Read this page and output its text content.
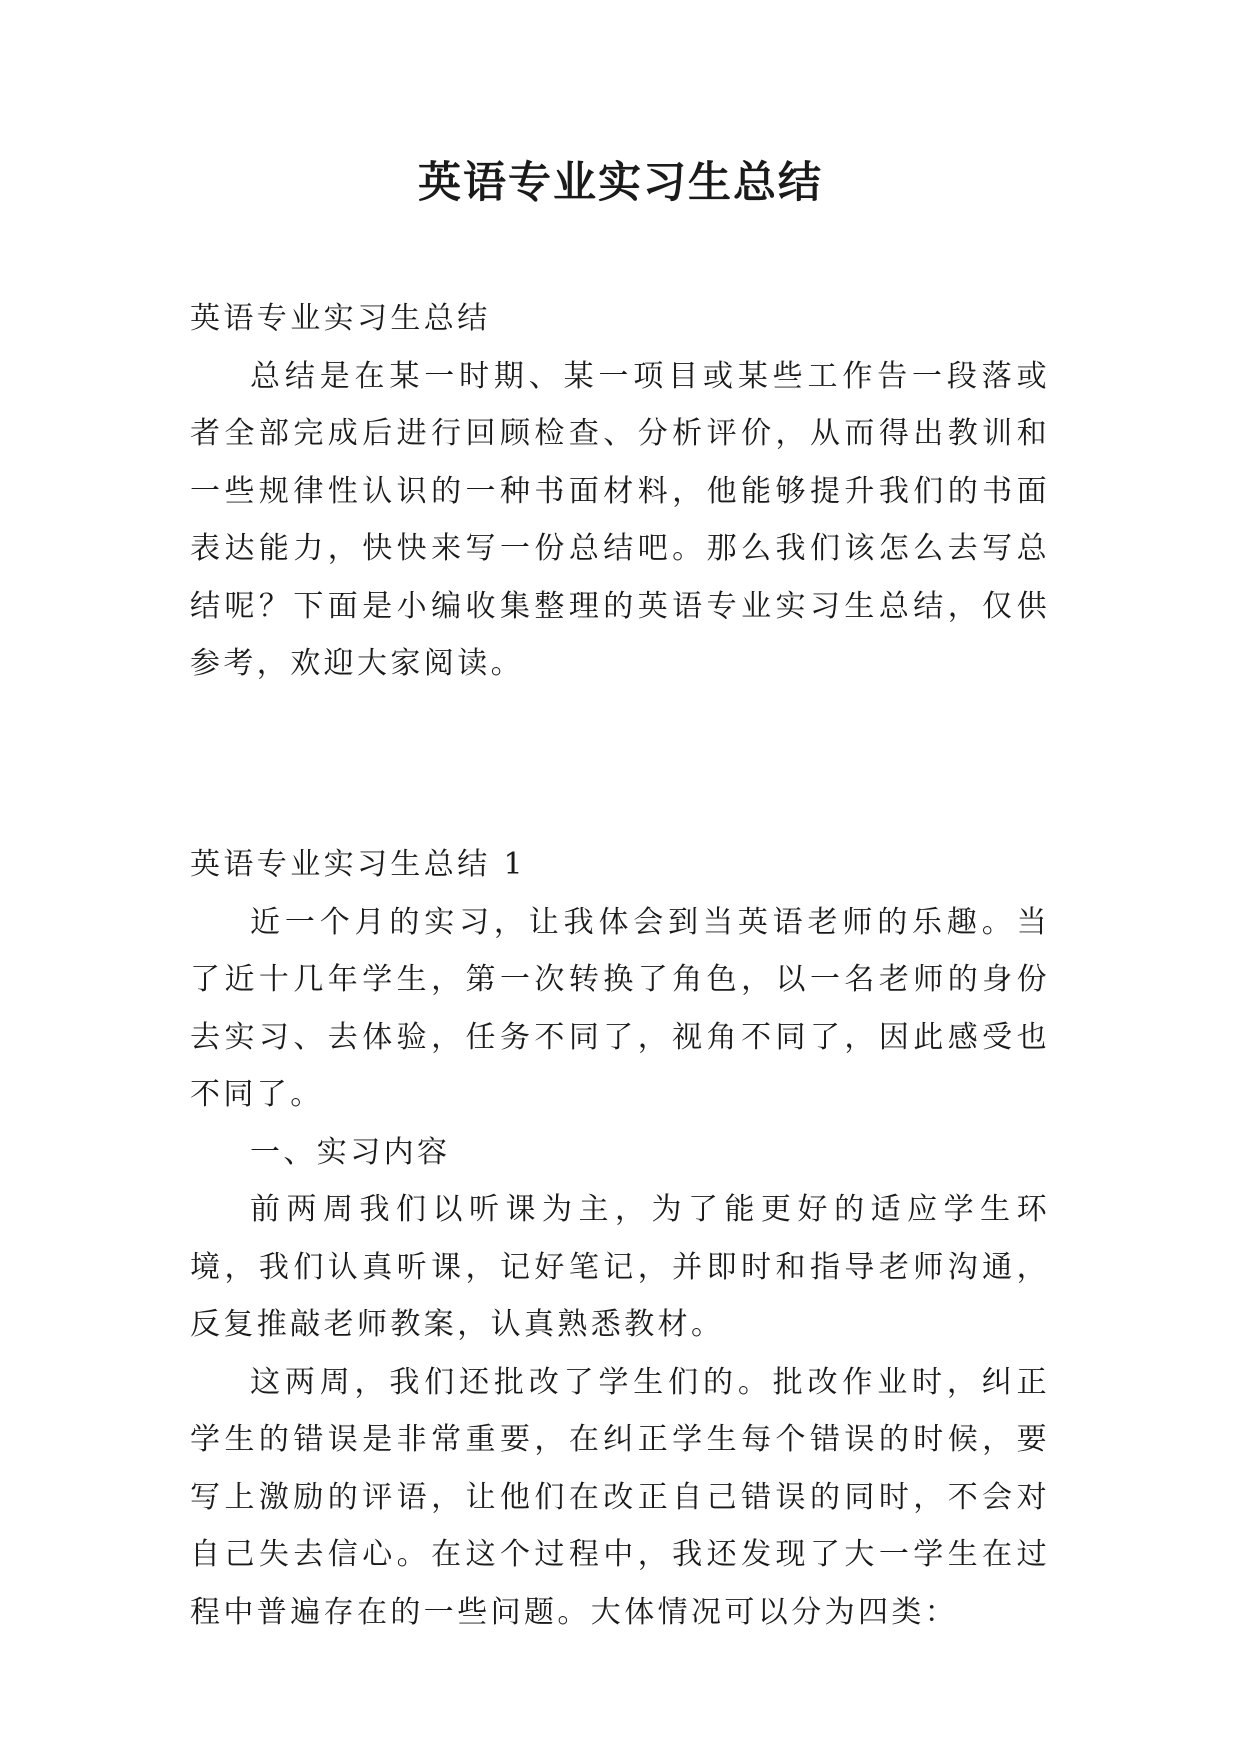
英语专业实习生总结

英语专业实习生总结

总结是在某一时期、某一项目或某些工作告一段落或者全部完成后进行回顾检查、分析评价，从而得出教训和一些规律性认识的一种书面材料，他能够提升我们的书面表达能力，快快来写一份总结吧。那么我们该怎么去写总结呢？下面是小编收集整理的英语专业实习生总结，仅供参考，欢迎大家阅读。

英语专业实习生总结 1

近一个月的实习，让我体会到当英语老师的乐趣。当了近十几年学生，第一次转换了角色，以一名老师的身份去实习、去体验，任务不同了，视角不同了，因此感受也不同了。

一、实习内容

前两周我们以听课为主，为了能更好的适应学生环境，我们认真听课，记好笔记，并即时和指导老师沟通，反复推敲老师教案，认真熟悉教材。

这两周，我们还批改了学生们的。批改作业时，纠正学生的错误是非常重要，在纠正学生每个错误的时候，要写上激励的评语，让他们在改正自己错误的同时，不会对自己失去信心。在这个过程中，我还发现了大一学生在过程中普遍存在的一些问题。大体情况可以分为四类：
